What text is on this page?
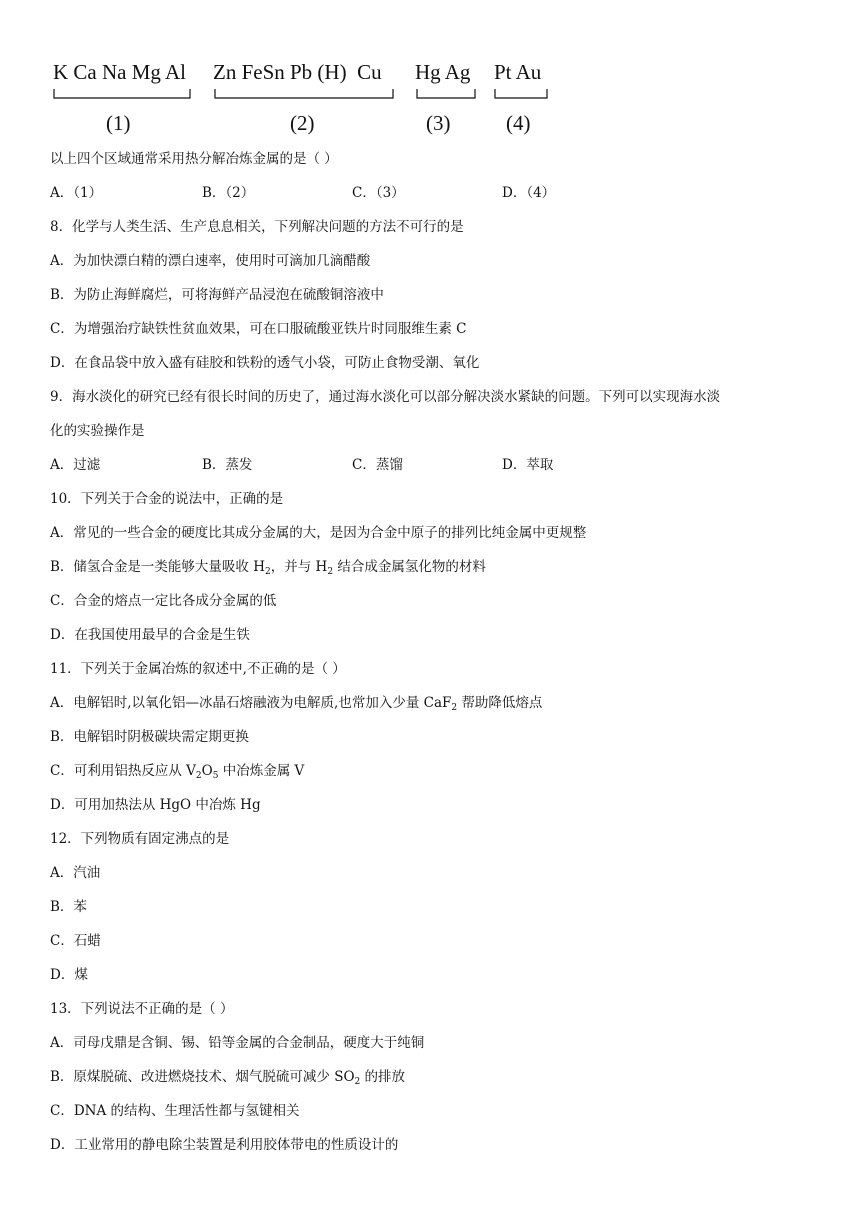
K Ca Na Mg Al
(1)
Zn FeSn Pb (H)  Cu
(2)
Hg Ag
(3)
Pt Au
(4)
以上四个区域通常采用热分解冶炼金属的是（ ）
A．（1）	B．（2）	C．（3）	D．（4）
8．化学与人类生活、生产息息相关，下列解决问题的方法不可行的是
A．为加快漂白精的漂白速率，使用时可滴加几滴醋酸
B．为防止海鲜腐烂，可将海鲜产品浸泡在硫酸铜溶液中
C．为增强治疗缺铁性贫血效果，可在口服硫酸亚铁片时同服维生素 C
D．在食品袋中放入盛有硅胶和铁粉的透气小袋，可防止食物受潮、氧化
9．海水淡化的研究已经有很长时间的历史了，通过海水淡化可以部分解决淡水紧缺的问题。下列可以实现海水淡
化的实验操作是
A．过滤	B．蒸发	C．蒸馏	D．萃取
10．下列关于合金的说法中，正确的是
A．常见的一些合金的硬度比其成分金属的大，是因为合金中原子的排列比纯金属中更规整
B．储氢合金是一类能够大量吸收 $H_2$，并与 $H_2$ 结合成金属氢化物的材料
C．合金的熔点一定比各成分金属的低
D．在我国使用最早的合金是生铁
11．下列关于金属冶炼的叙述中,不正确的是（ ）
A．电解铝时,以氧化铝—冰晶石熔融液为电解质,也常加入少量 CaF$_2$ 帮助降低熔点
B．电解铝时阴极碳块需定期更换
C．可利用铝热反应从 $V_2O_5$ 中冶炼金属 V
D．可用加热法从 HgO 中冶炼 Hg
12．下列物质有固定沸点的是
A．汽油
B．苯
C．石蜡
D．煤
13．下列说法不正确的是（ ）
A．司母戊鼎是含铜、锡、铅等金属的合金制品，硬度大于纯铜
B．原煤脱硫、改进燃烧技术、烟气脱硫可减少 $SO_2$ 的排放
C．DNA 的结构、生理活性都与氢键相关
D．工业常用的静电除尘装置是利用胶体带电的性质设计的
